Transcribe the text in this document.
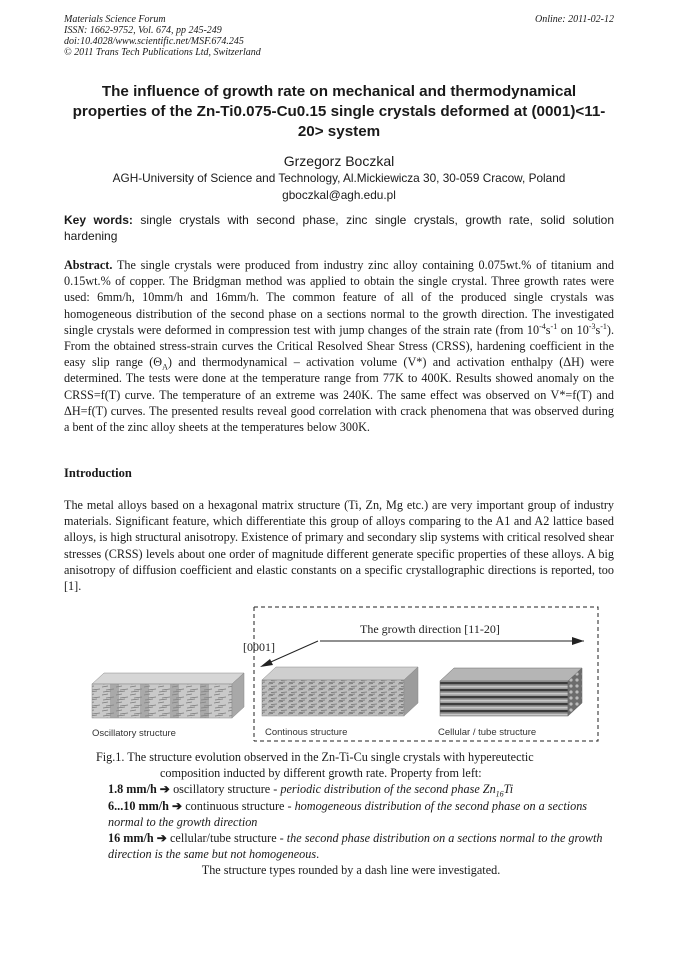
Materials Science Forum
ISSN: 1662-9752, Vol. 674, pp 245-249
doi:10.4028/www.scientific.net/MSF.674.245
© 2011 Trans Tech Publications Ltd, Switzerland
Online: 2011-02-12
The influence of growth rate on mechanical and thermodynamical properties of the Zn-Ti0.075-Cu0.15 single crystals deformed at (0001)<11-20> system
Grzegorz Boczkal
AGH-University of Science and Technology, Al.Mickiewicza 30, 30-059 Cracow, Poland
gboczkal@agh.edu.pl
Key words: single crystals with second phase, zinc single crystals, growth rate, solid solution hardening

Abstract. The single crystals were produced from industry zinc alloy containing 0.075wt.% of titanium and 0.15wt.% of copper. The Bridgman method was applied to obtain the single crystal. Three growth rates were used: 6mm/h, 10mm/h and 16mm/h. The common feature of all of the produced single crystals was homogeneous distribution of the second phase on a sections normal to the growth direction. The investigated single crystals were deformed in compression test with jump changes of the strain rate (from $10^{-4}s^{-1}$ on $10^{-3}s^{-1}$). From the obtained stress-strain curves the Critical Resolved Shear Stress (CRSS), hardening coefficient in the easy slip range $(\Theta_A)$ and thermodynamical – activation volume (V*) and activation enthalpy (ΔH) were determined. The tests were done at the temperature range from 77K to 400K. Results showed anomaly on the CRSS=f(T) curve. The temperature of an extreme was 240K. The same effect was observed on V*=f(T) and ΔH=f(T) curves. The presented results reveal good correlation with crack phenomena that was observed during a bent of the zinc alloy sheets at the temperatures below 300K.

Introduction

The metal alloys based on a hexagonal matrix structure (Ti, Zn, Mg etc.) are very important group of industry materials. Significant feature, which differentiate this group of alloys comparing to the A1 and A2 lattice based alloys, is high structural anisotropy. Existence of primary and secondary slip systems with critical resolved shear stresses (CRSS) levels about one order of magnitude different generate specific properties of these alloys. A big anisotropy of diffusion coefficient and elastic constants on a specific crystallographic directions is reported, too [1].

The growth direction [11-20]
[0001]
Oscillatory structure	Continous structure	Cellular / tube structure
Fig.1. The structure evolution observed in the Zn-Ti-Cu single crystals with hypereutectic
composition inducted by different growth rate. Property from left:
1.8 mm/h ➔ oscillatory structure - periodic distribution of the second phase $Zn_{16}Ti$
6...10 mm/h ➔ continuous structure - homogeneous distribution of the second phase on a sections normal to the growth direction
16 mm/h ➔ cellular/tube structure - the second phase distribution on a sections normal to the growth direction is the same but not homogeneous.
The structure types rounded by a dash line were investigated.
